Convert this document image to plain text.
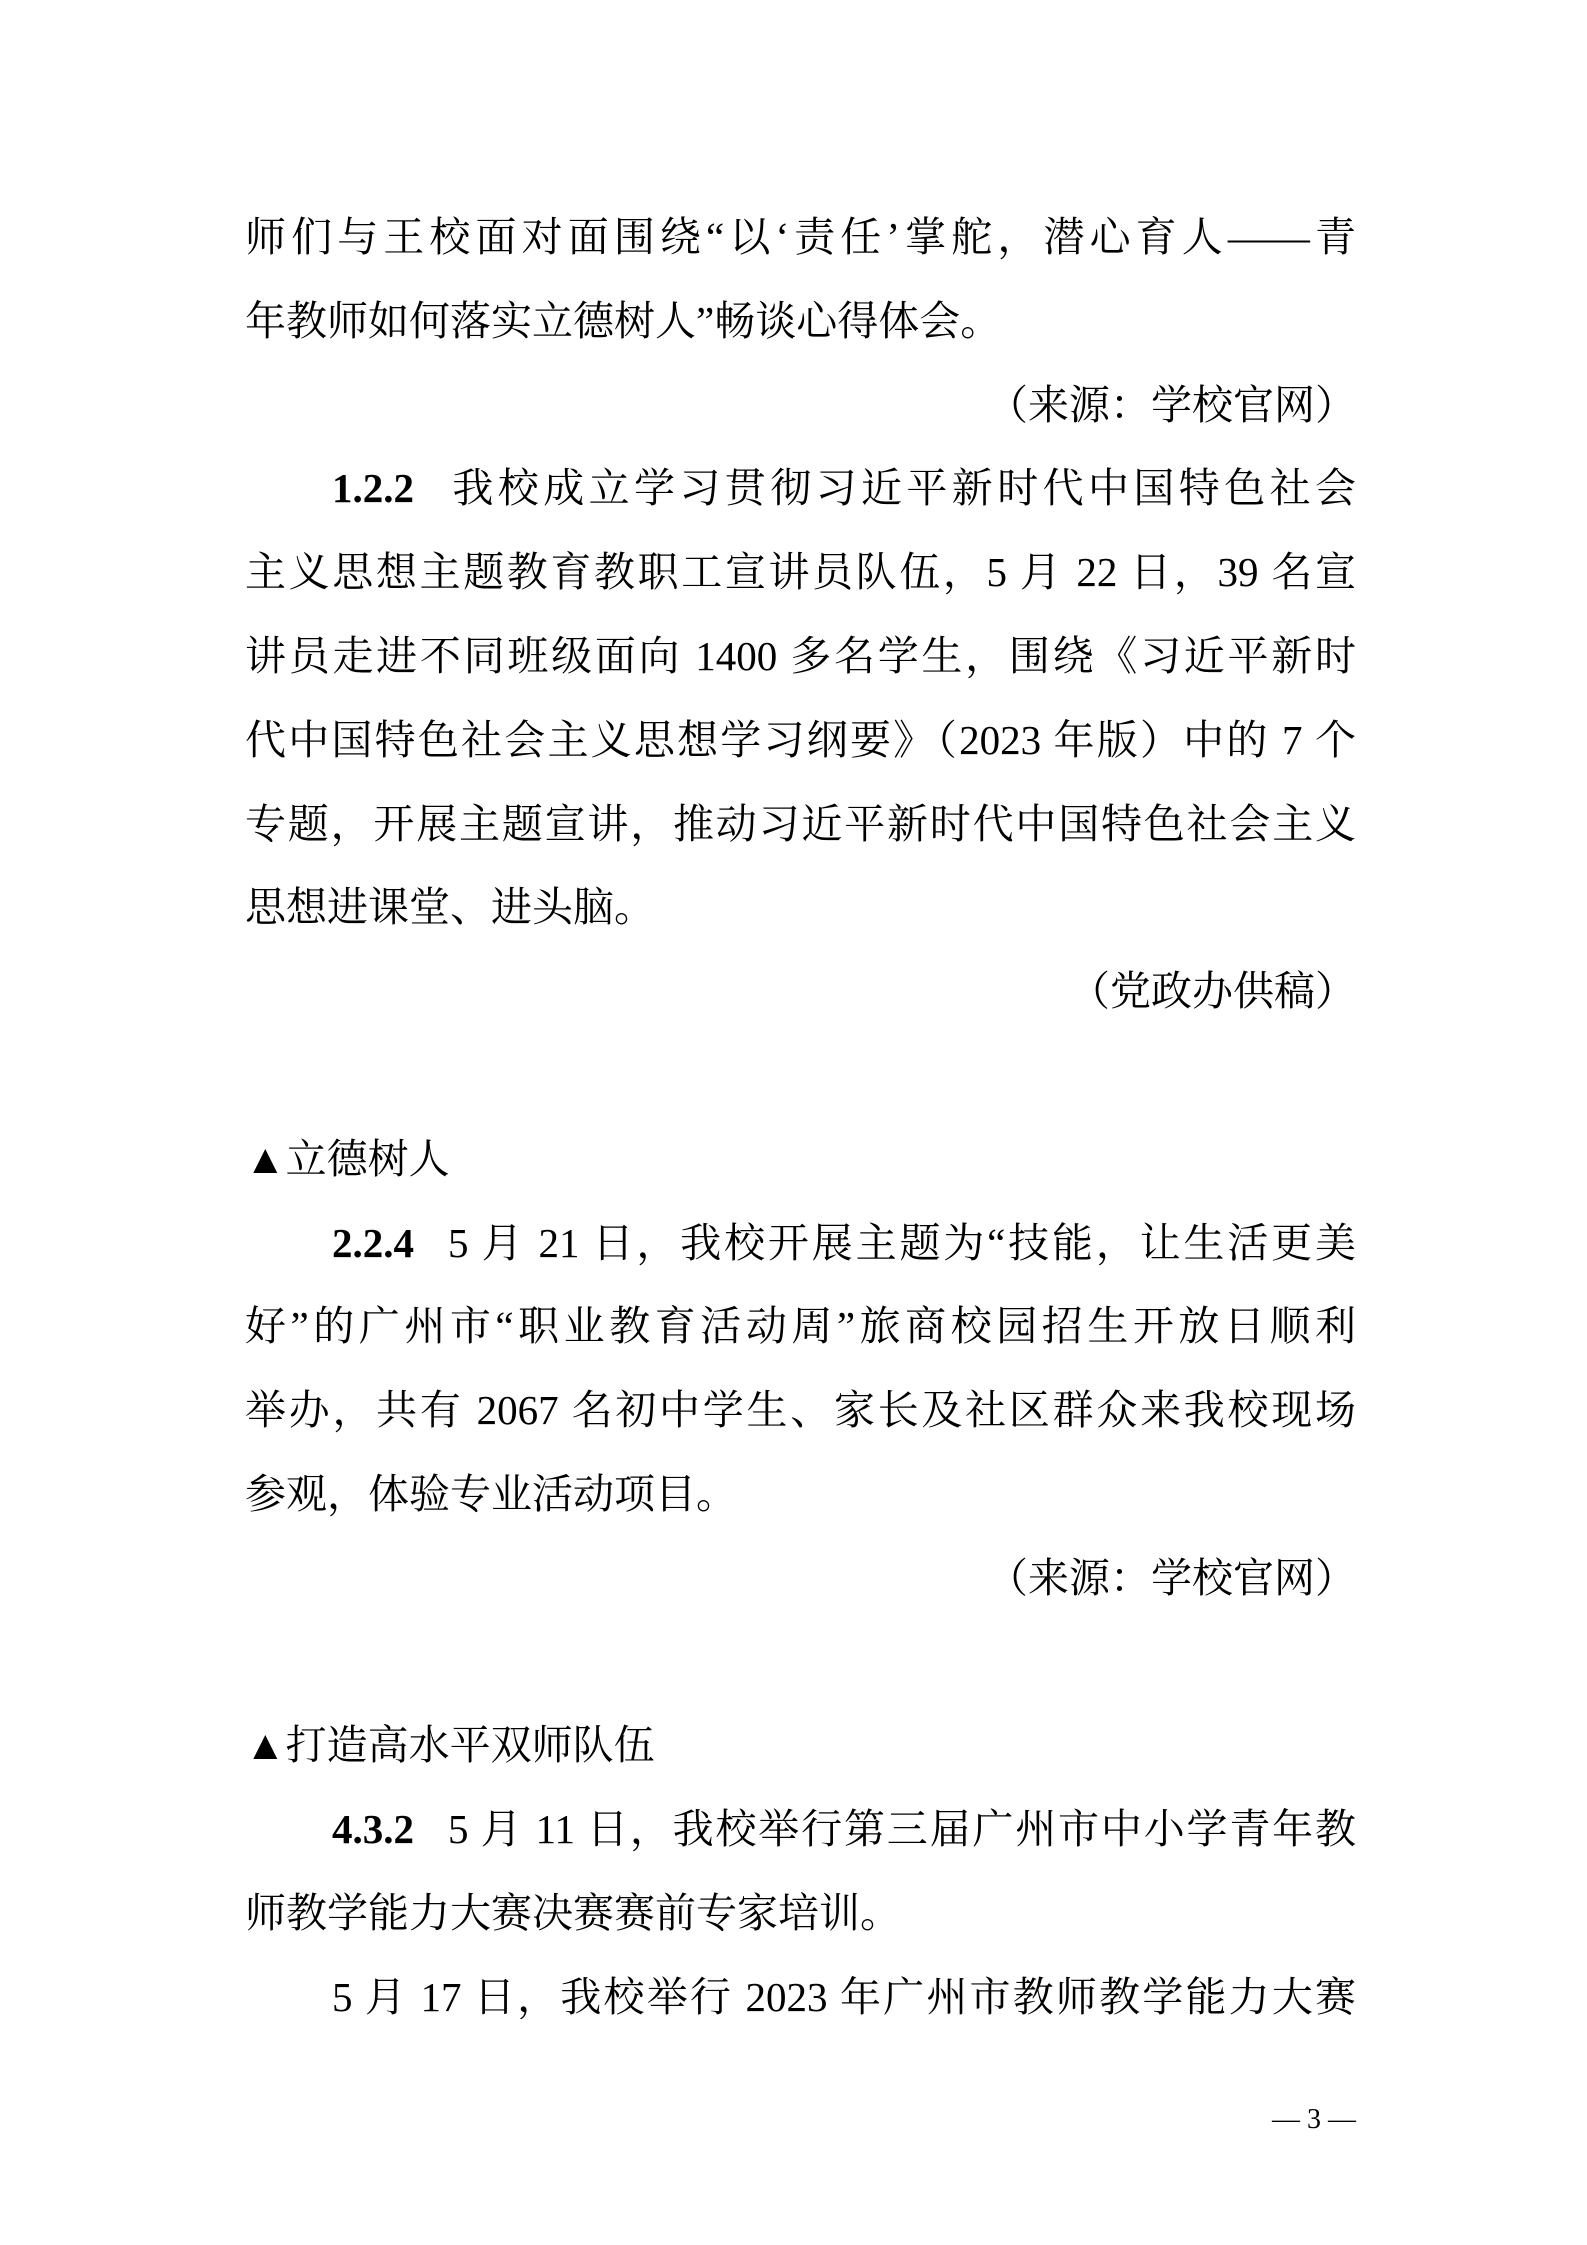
师们与王校面对面围绕“以‘责任’掌舵，潜心育人——青
年教师如何落实立德树人”畅谈心得体会。
（来源：学校官网）
1.2.2 我校成立学习贯彻习近平新时代中国特色社会
主义思想主题教育教职工宣讲员队伍，5 月 22 日，39 名宣
讲员走进不同班级面向 1400 多名学生，围绕《习近平新时
代中国特色社会主义思想学习纲要》（2023 年版）中的 7 个
专题，开展主题宣讲，推动习近平新时代中国特色社会主义
思想进课堂、进头脑。
（党政办供稿）
▲立德树人
2.2.4 5 月 21 日，我校开展主题为“技能，让生活更美
好”的广州市“职业教育活动周”旅商校园招生开放日顺利
举办，共有 2067 名初中学生、家长及社区群众来我校现场
参观，体验专业活动项目。
（来源：学校官网）
▲打造高水平双师队伍
4.3.2 5 月 11 日，我校举行第三届广州市中小学青年教
师教学能力大赛决赛赛前专家培训。
5 月 17 日，我校举行 2023 年广州市教师教学能力大赛
— 3 —
